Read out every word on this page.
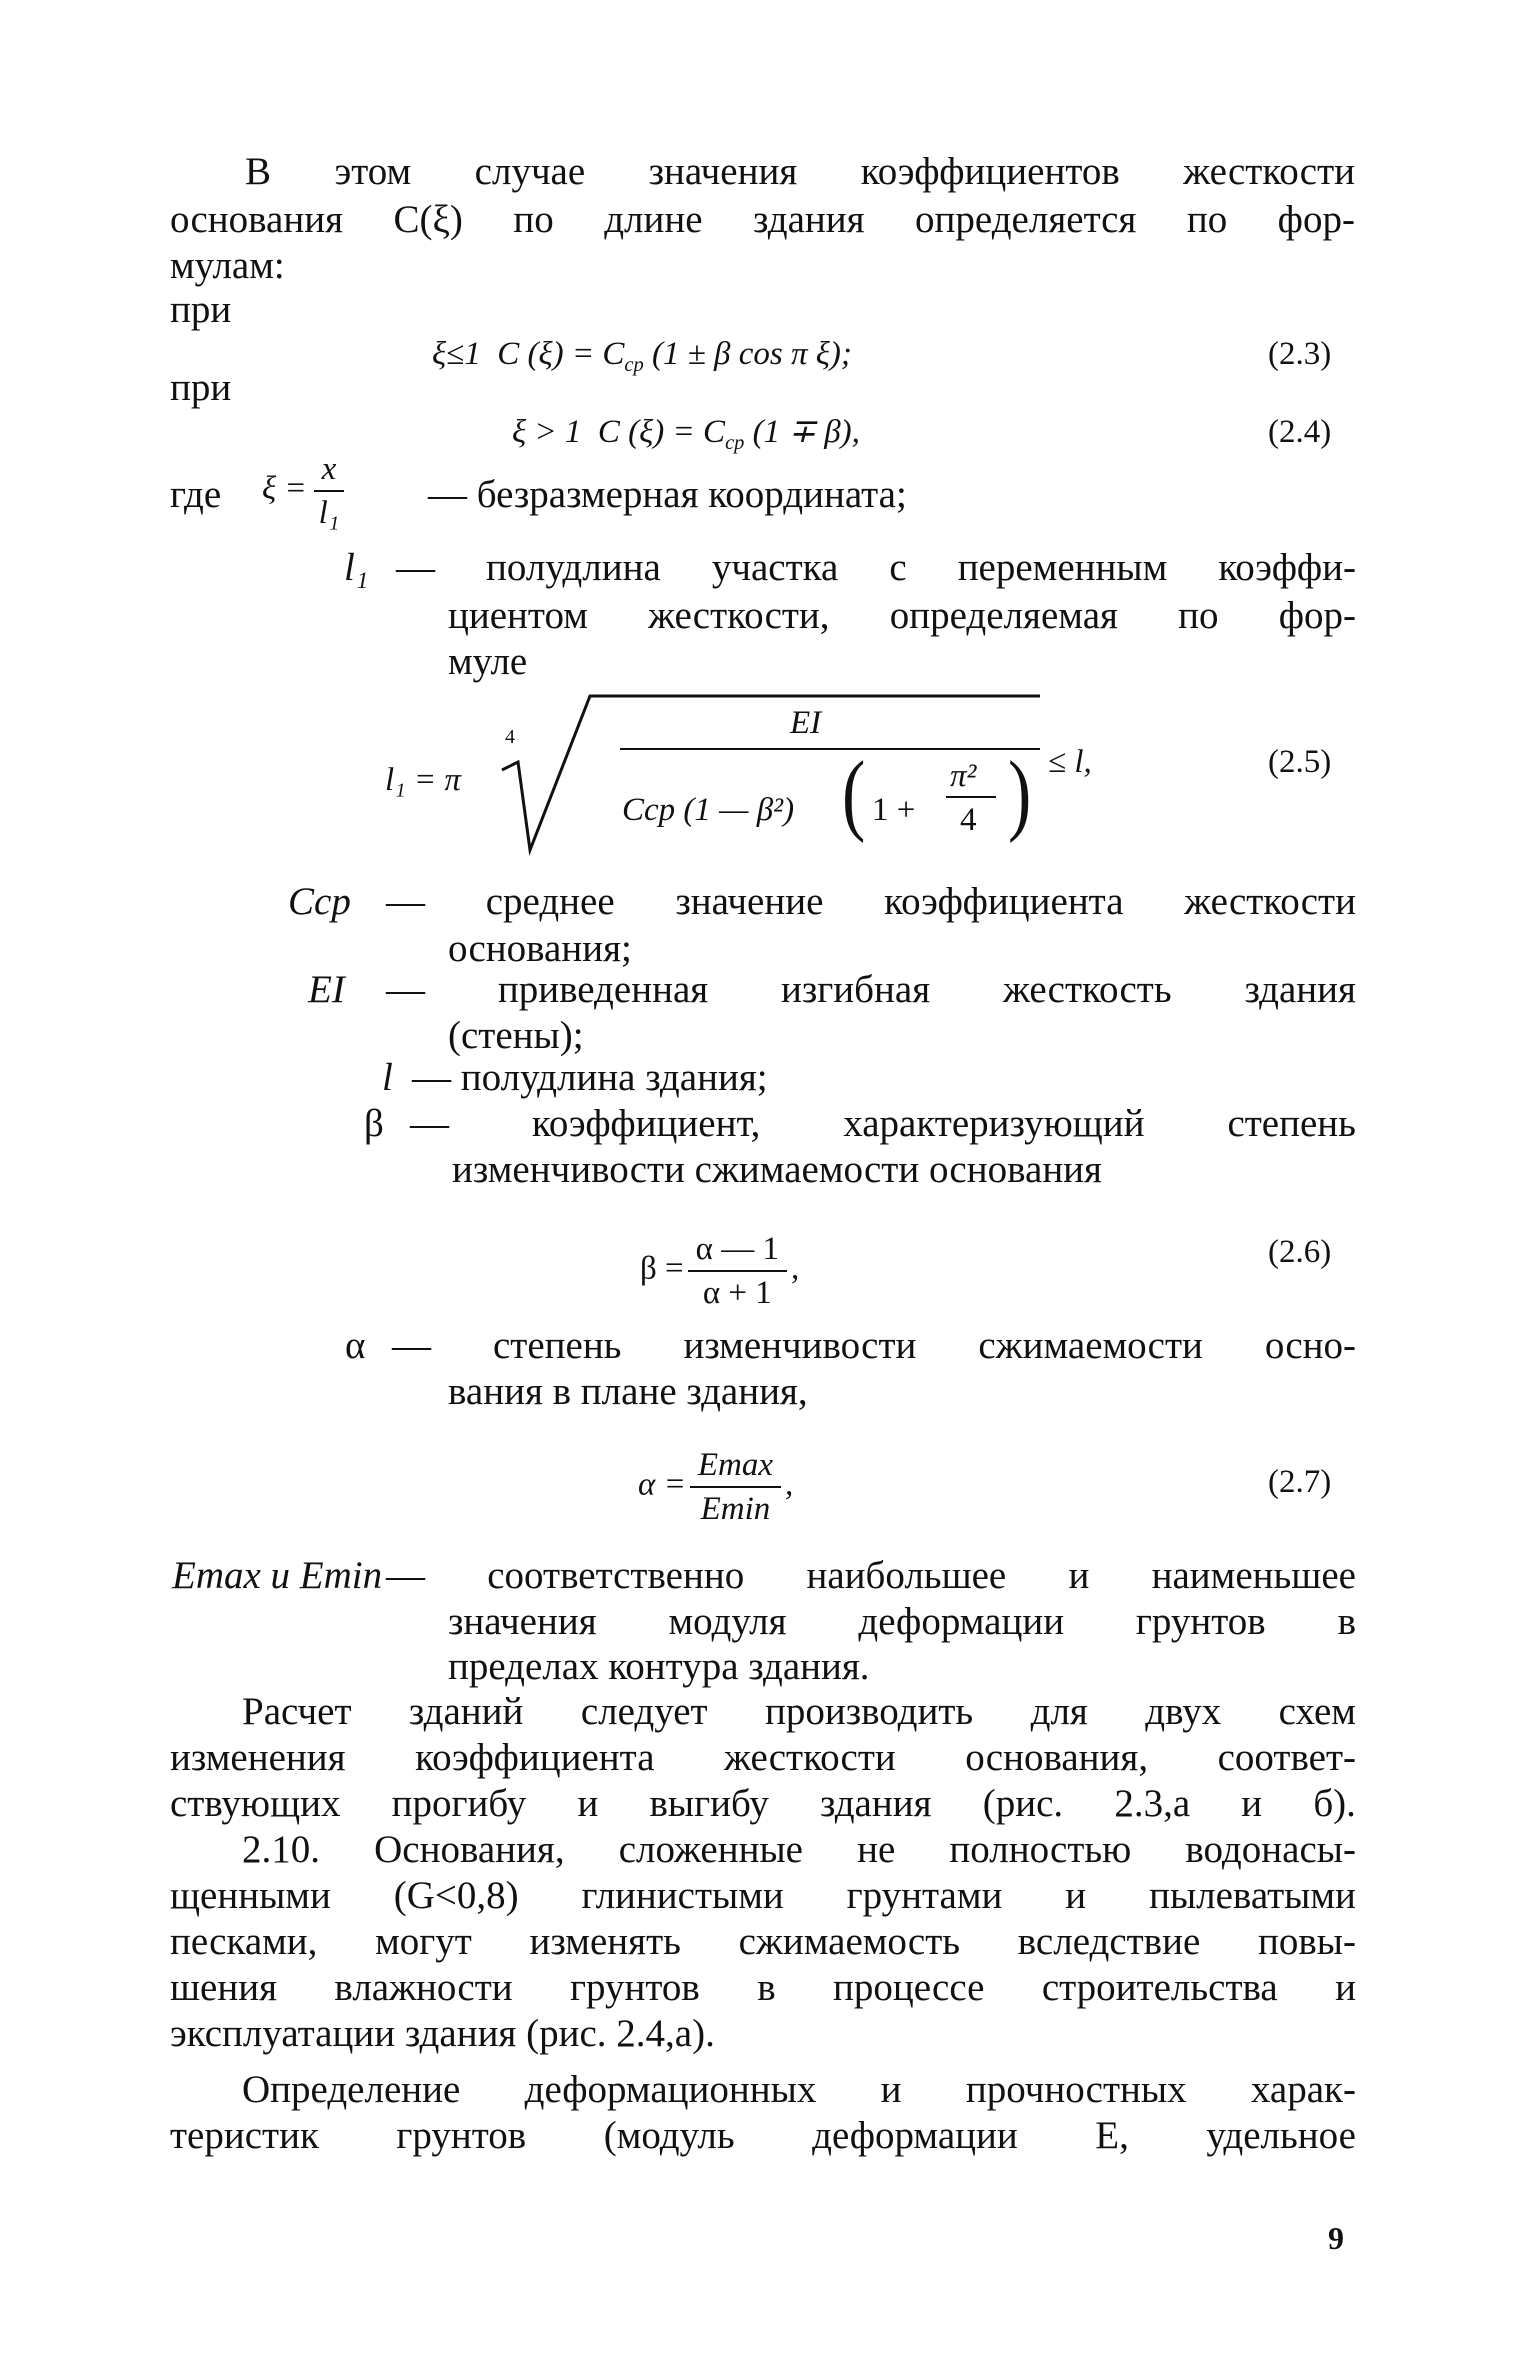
В этом случае значения коэффициентов жесткости
основания C(ξ) по длине здания определяется по фор-
мулам:
при
ξ≤1 C $(\xi) = C_{ср}$ (1 ± β cos π ξ);	(2.3)
при
ξ > 1 C $(\xi) = C_{ср}$ (1 ∓ β),	(2.4)
где $\xi = \frac{x}{\text{l₁}}$ — безразмерная координата;
l₁ — полудлина участка с переменным коэффи-
циентом жесткости, определяемая по фор-
муле
l₁ = π
4	EI
Cср (1 — β²) ( 1 +
π²
4 ) ≤ l,	(2.5)
Cср — среднее значение коэффициента жесткости
основания;
EI — приведенная изгибная жесткость здания
(стены);
l — полудлина здания;
β — коэффициент, характеризующий степень
изменчивости сжимаемости основания
$\beta = \frac{\alpha — 1}{\alpha + 1}$ ,	(2.6)
α — степень изменчивости сжимаемости осно-
вания в плане здания,
$\alpha = \frac{Emax}{Emin}$ ,	(2.7)
Emax и Emin — соответственно наибольшее и наименьшее
значения модуля деформации грунтов в
пределах контура здания.
Расчет зданий следует производить для двух схем
изменения коэффициента жесткости основания, соответ-
ствующих прогибу и выгибу здания (рис. 2.3,a и б).
2.10. Основания, сложенные не полностью водонасы-
щенными (G<0,8) глинистыми грунтами и пылеватыми
песками, могут изменять сжимаемость вследствие повы-
шения влажности грунтов в процессе строительства и
эксплуатации здания (рис. 2.4,a).
Определение деформационных и прочностных харак-
теристик грунтов (модуль деформации E, удельное
9
